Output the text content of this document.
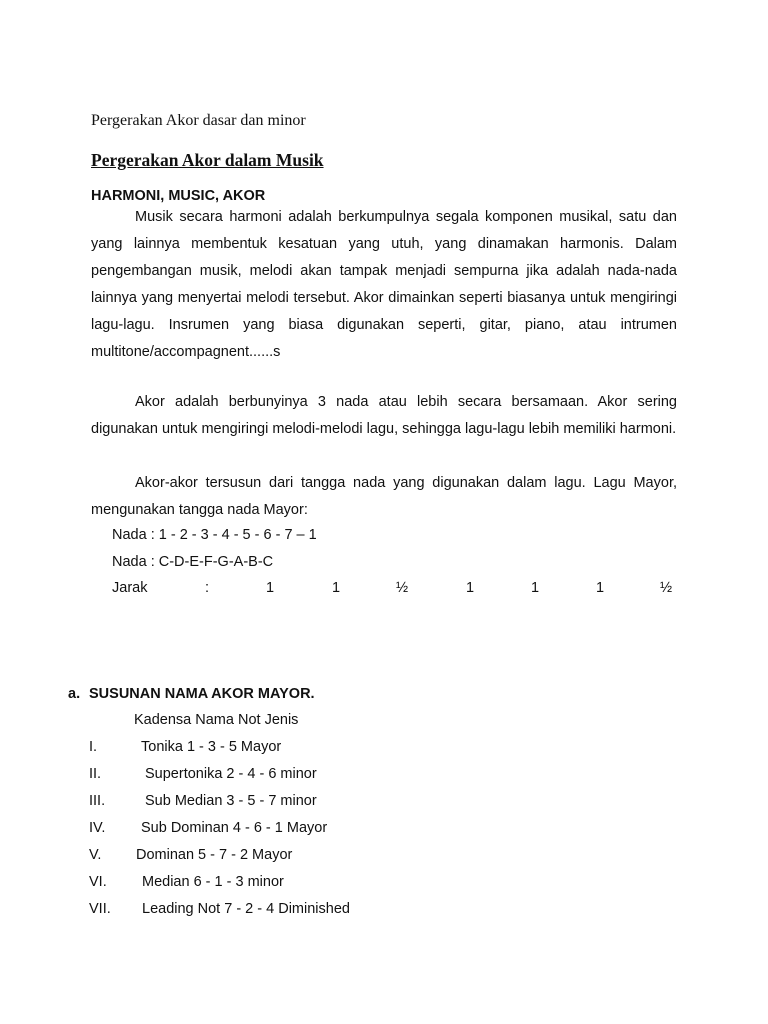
Pergerakan Akor dasar dan minor
Pergerakan Akor dalam Musik
HARMONI, MUSIC, AKOR
Musik secara harmoni adalah berkumpulnya segala komponen musikal, satu dan yang lainnya membentuk kesatuan yang utuh, yang dinamakan harmonis. Dalam pengembangan musik, melodi akan tampak menjadi sempurna jika adalah nada-nada lainnya yang menyertai melodi tersebut. Akor dimainkan seperti biasanya untuk mengiringi lagu-lagu. Insrumen yang biasa digunakan seperti, gitar, piano, atau intrumen multitone/accompagnent......s
Akor adalah berbunyinya 3 nada atau lebih secara bersamaan. Akor sering digunakan untuk mengiringi melodi-melodi lagu, sehingga lagu-lagu lebih memiliki harmoni.
Akor-akor tersusun dari tangga nada yang digunakan dalam lagu. Lagu Mayor, mengunakan tangga nada Mayor:
Nada : 1 - 2 - 3 - 4 - 5 - 6 - 7 – 1
Nada : C-D-E-F-G-A-B-C
Jarak	:	1	1	½	1	1	1	½
a. SUSUNAN NAMA AKOR MAYOR.
Kadensa Nama Not Jenis
I.	Tonika 1 - 3 - 5 Mayor
II.	Supertonika 2 - 4 - 6 minor
III.	Sub Median 3 - 5 - 7 minor
IV. Sub Dominan 4 - 6 - 1 Mayor
V. Dominan 5 - 7 - 2 Mayor
VI. Median 6 - 1 - 3 minor
VII. Leading Not 7 - 2 - 4 Diminished
